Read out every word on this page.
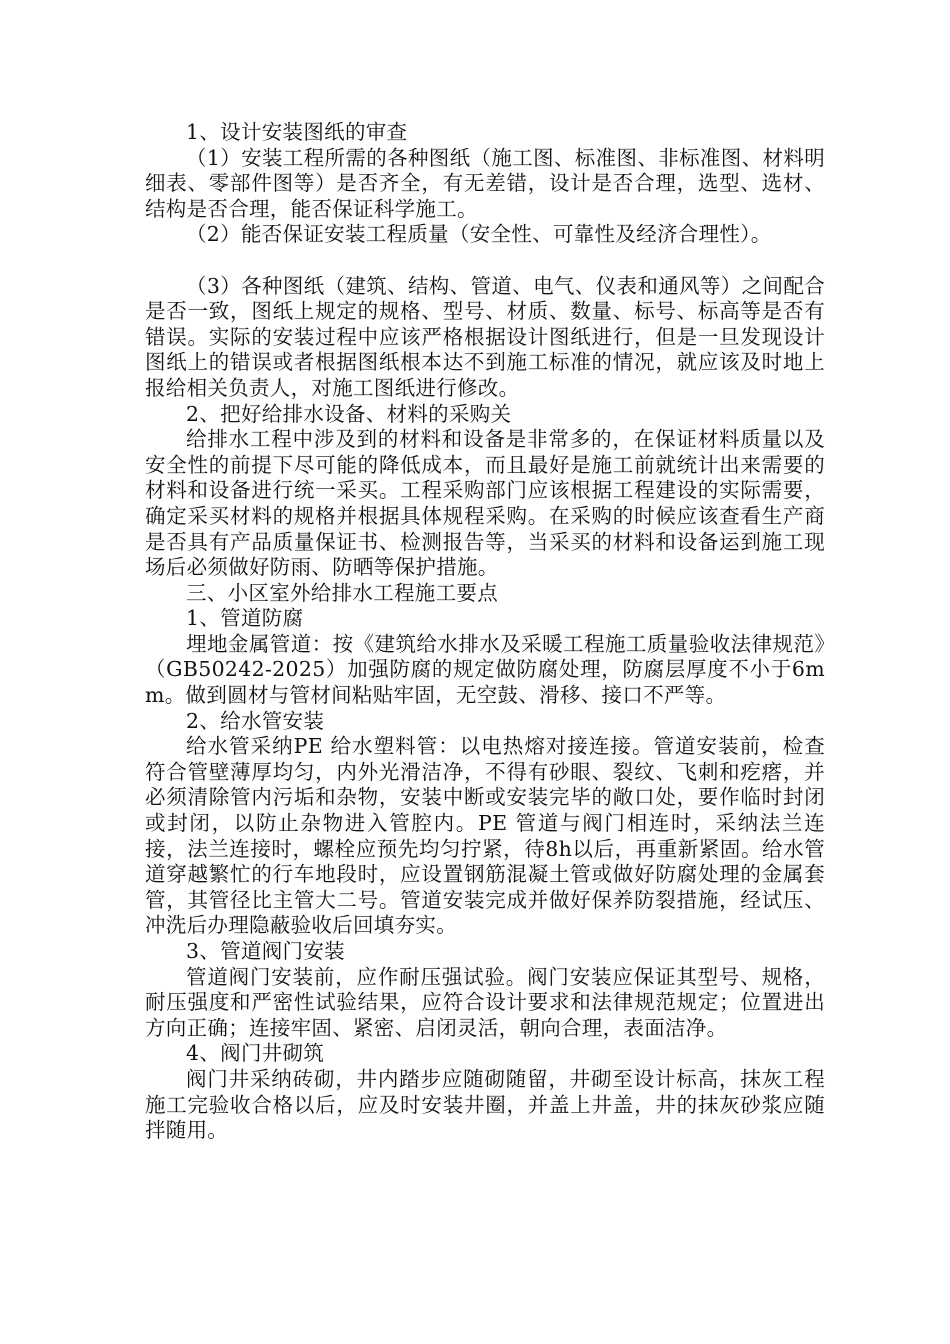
1、设计安装图纸的审查

（1）安装工程所需的各种图纸（施工图、标准图、非标准图、材料明细表、零部件图等）是否齐全，有无差错，设计是否合理，选型、选材、结构是否合理，能否保证科学施工。

（2）能否保证安装工程质量（安全性、可靠性及经济合理性）。

（3）各种图纸（建筑、结构、管道、电气、仪表和通风等）之间配合是否一致，图纸上规定的规格、型号、材质、数量、标号、标高等是否有错误。实际的安装过程中应该严格根据设计图纸进行，但是一旦发现设计图纸上的错误或者根据图纸根本达不到施工标准的情况，就应该及时地上报给相关负责人，对施工图纸进行修改。

2、把好给排水设备、材料的采购关

给排水工程中涉及到的材料和设备是非常多的，在保证材料质量以及安全性的前提下尽可能的降低成本，而且最好是施工前就统计出来需要的材料和设备进行统一采买。工程采购部门应该根据工程建设的实际需要，确定采买材料的规格并根据具体规程采购。在采购的时候应该查看生产商是否具有产品质量保证书、检测报告等，当采买的材料和设备运到施工现场后必须做好防雨、防晒等保护措施。

三、小区室外给排水工程施工要点

1、管道防腐

埋地金属管道：按《建筑给水排水及采暖工程施工质量验收法律规范》（GB50242-2025）加强防腐的规定做防腐处理，防腐层厚度不小于6mm。做到圆材与管材间粘贴牢固，无空鼓、滑移、接口不严等。

2、给水管安装

给水管采纳PE 给水塑料管：以电热熔对接连接。管道安装前，检查符合管壁薄厚均匀，内外光滑洁净，不得有砂眼、裂纹、飞刺和疙瘩，并必须清除管内污垢和杂物，安装中断或安装完毕的敞口处，要作临时封闭或封闭，以防止杂物进入管腔内。PE 管道与阀门相连时，采纳法兰连接，法兰连接时，螺栓应预先均匀拧紧，待8h以后，再重新紧固。给水管道穿越繁忙的行车地段时，应设置钢筋混凝土管或做好防腐处理的金属套管，其管径比主管大二号。管道安装完成并做好保养防裂措施，经试压、冲洗后办理隐蔽验收后回填夯实。

3、管道阀门安装

管道阀门安装前，应作耐压强试验。阀门安装应保证其型号、规格，耐压强度和严密性试验结果，应符合设计要求和法律规范规定；位置进出方向正确；连接牢固、紧密、启闭灵活，朝向合理，表面洁净。

4、阀门井砌筑

阀门井采纳砖砌，井内踏步应随砌随留，井砌至设计标高，抹灰工程施工完验收合格以后，应及时安装井圈，并盖上井盖，井的抹灰砂浆应随拌随用。
